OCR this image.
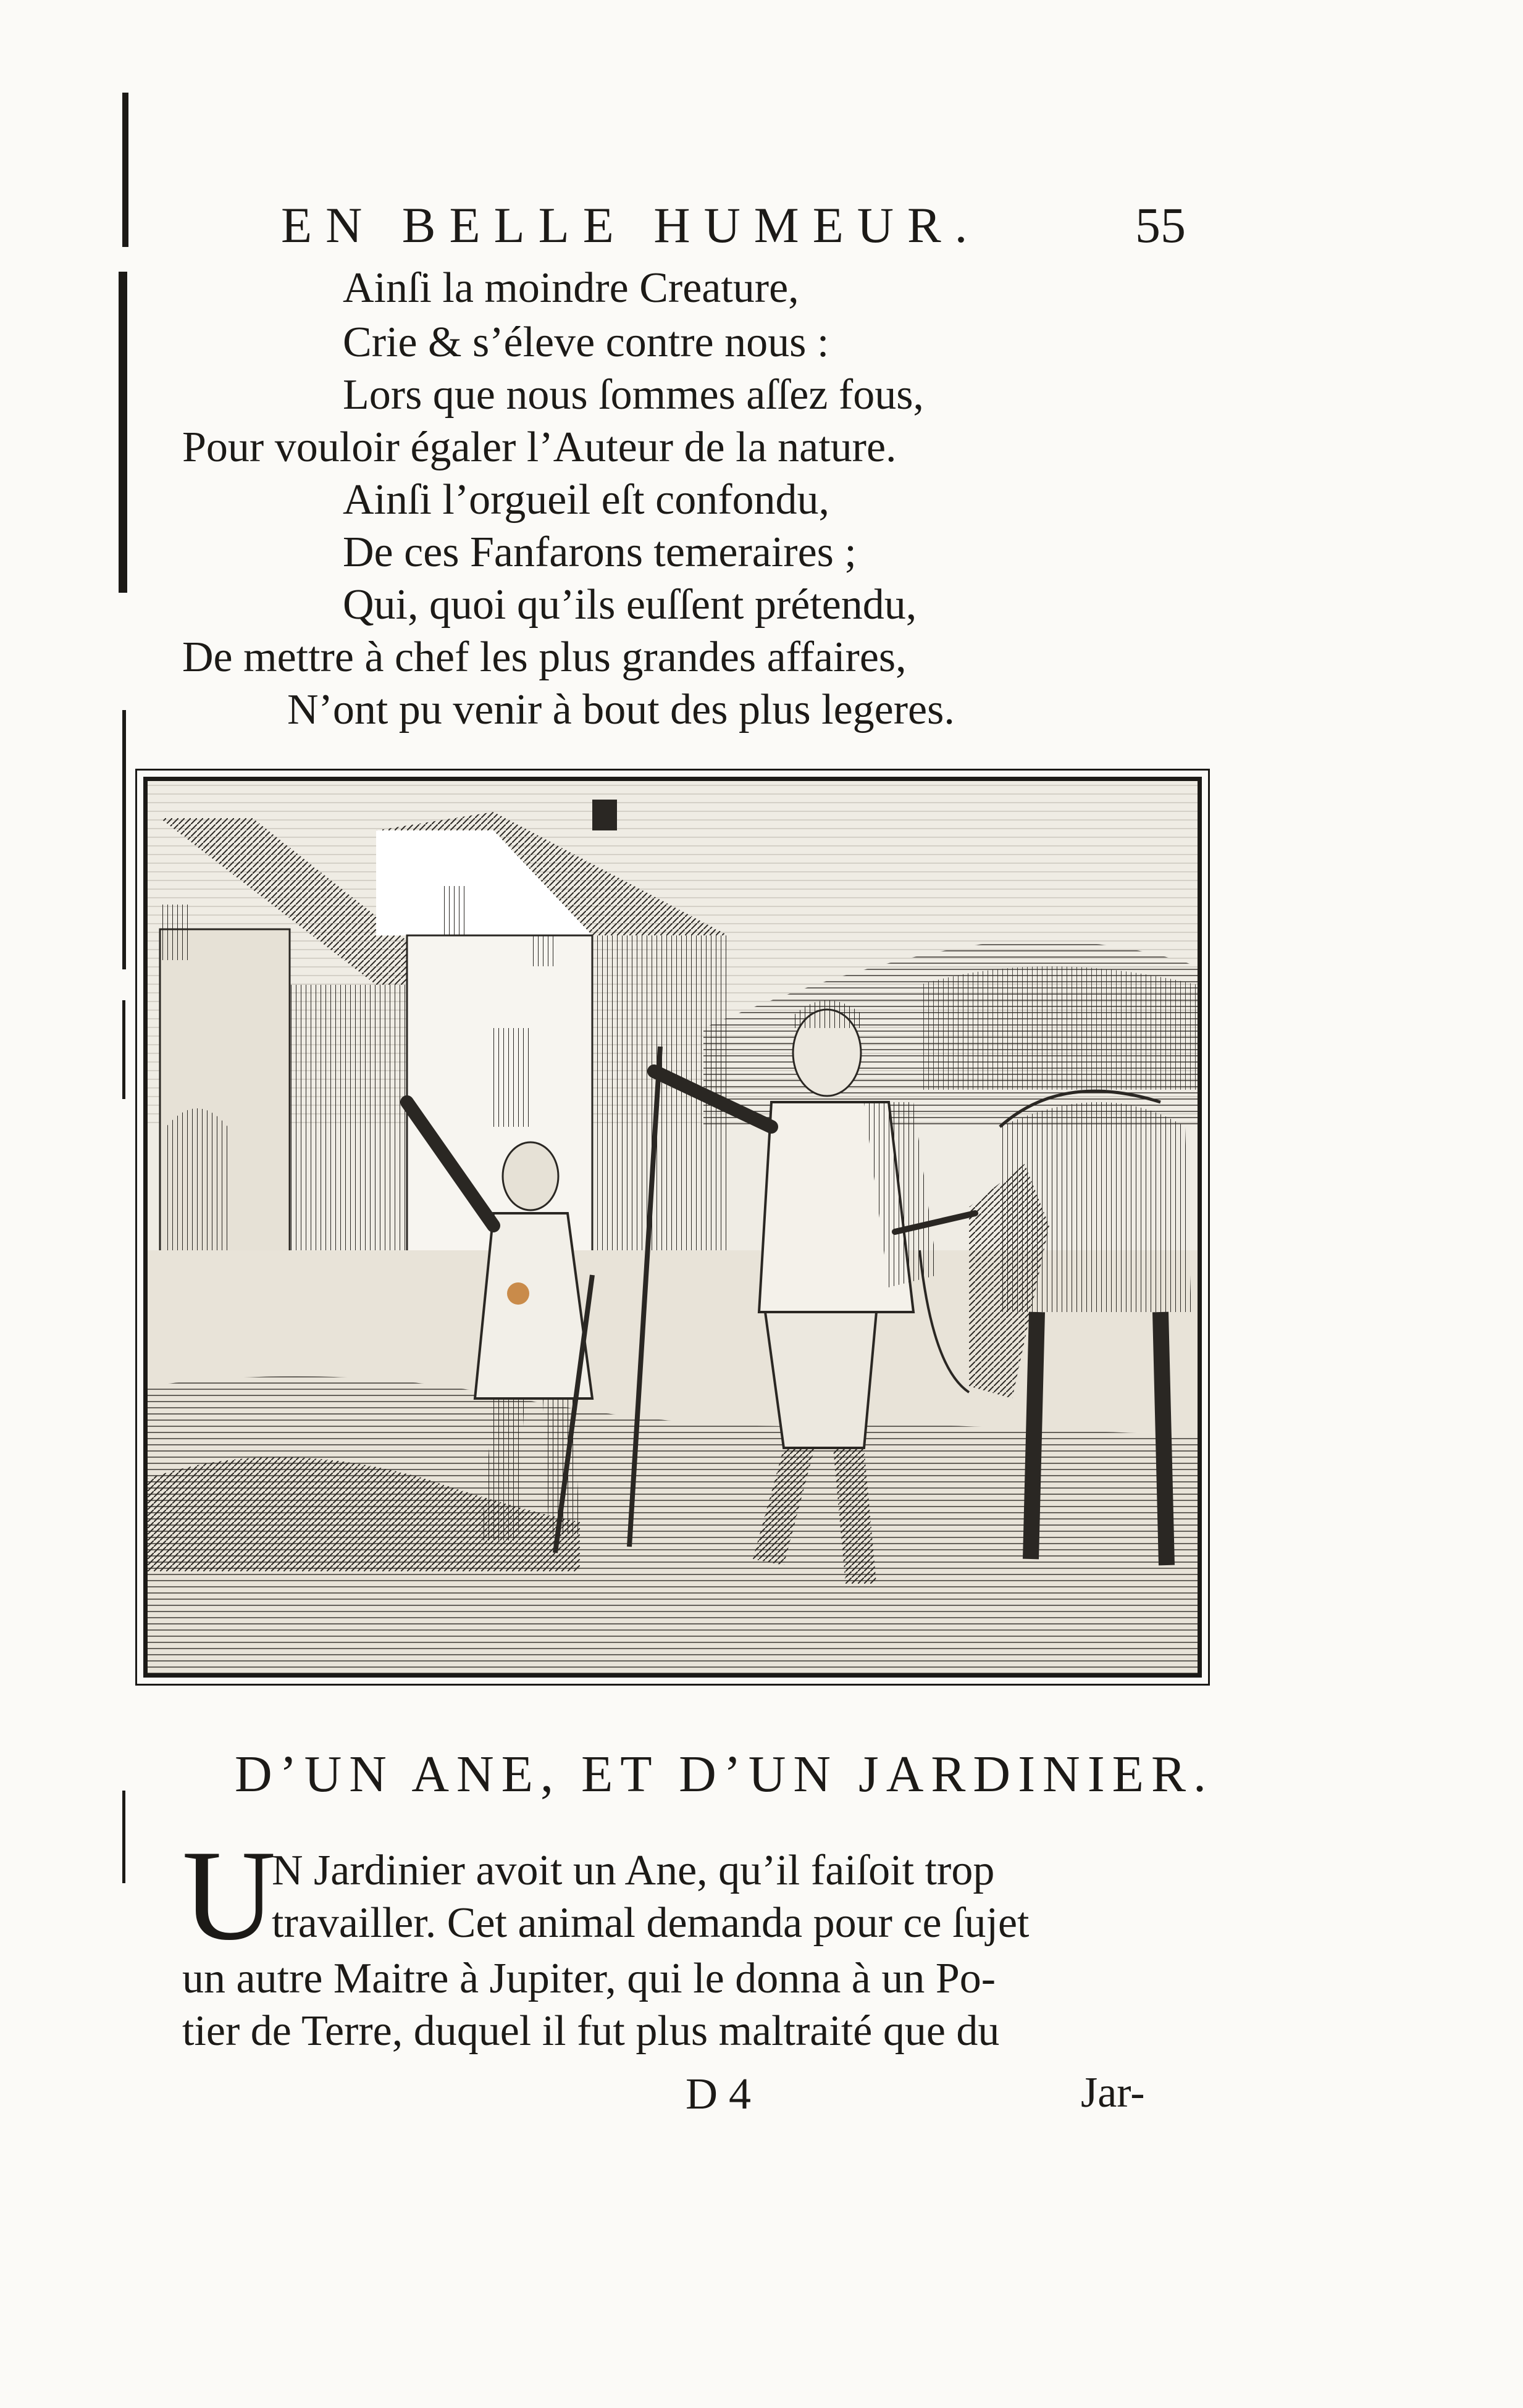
EN BELLE HUMEUR.	55
Ainſi la moindre Creature,
Crie & s’éleve contre nous :
Lors que nous ſommes aſſez fous,
Pour vouloir égaler l’Auteur de la nature.
Ainſi l’orgueil eſt confondu,
De ces Fanfarons temeraires ;
Qui, quoi qu’ils euſſent prétendu,
De mettre à chef les plus grandes affaires,
N’ont pu venir à bout des plus legeres.
D’UN ANE, ET D’UN JARDINIER.
U
N Jardinier avoit un Ane, qu’il faiſoit trop
travailler. Cet animal demanda pour ce ſujet
un autre Maitre à Jupiter, qui le donna à un Po-
tier de Terre, duquel il fut plus maltraité que du
D 4	Jar-
